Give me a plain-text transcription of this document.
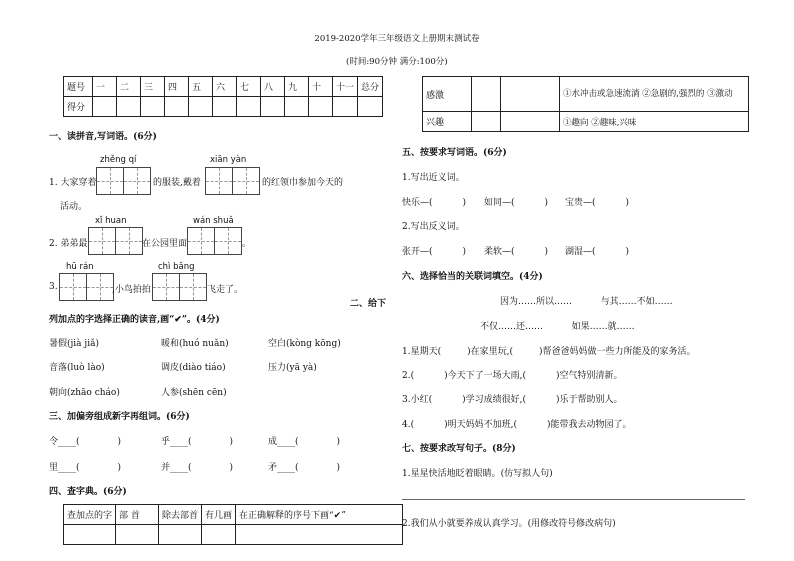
2019-2020学年三年级语文上册期末测试卷
(时间:90分钟 满分:100分)
题号	一	二	三	四	五	六	七	八	九	十	十一	总分
得分												
一、读拼音,写词语。(6分)
zhěng qí	xiān yàn
1. 大家穿着	的服装,戴着	的红领巾参加今天的
活动。
xǐ huan	wán shuǎ
2. 弟弟最	在公园里面	。
hū rán	chì bǎng
3.	,小鸟拍拍	飞走了。
二、给下
列加点的字选择正确的读音,画“✔”。(4分)
暑假(jià jiǎ)	暖和(huó nuǎn)	空白(kòng kōng)
音落(luò lào)	调皮(diào tiáo)	压力(yā yà)
朝向(zhāo cháo)	人参(shēn cēn)
三、加偏旁组成新字再组词。(6分)
令____(	)	乎____(	)	成____(	)
里____(	)	并____(	)	矛____(	)
四、查字典。(6分)
查加点的字	部 首	除去部首	有几画	在正确解释的序号下画“✔”

感激			①水冲击或急速流淌 ②急剧的,强烈的 ③激动
兴趣			①趣向 ②趣味,兴味
五、按要求写词语。(6分)
1.写出近义词。
快乐—(	) 如同—(	) 宝贵—(	)
2.写出反义词。
张开—(	) 柔软—(	) 湖湿—(	)
六、选择恰当的关联词填空。(4分)
因为……所以……          与其……不如……
不仅……还……          如果……就……
1.星期天(	)在家里玩,(	)帮爸爸妈妈做一些力所能及的家务活。
2.(	)今天下了一场大雨,(	)空气特别清新。
3.小红(	)学习成绩很好,(	)乐于帮助别人。
4.(	)明天妈妈不加班,(	)能带我去动物园了。
七、按要求改写句子。(8分)
1.星星快活地眨着眼睛。(仿写拟人句)
2.我们从小就要养成认真学习。(用修改符号修改病句)
